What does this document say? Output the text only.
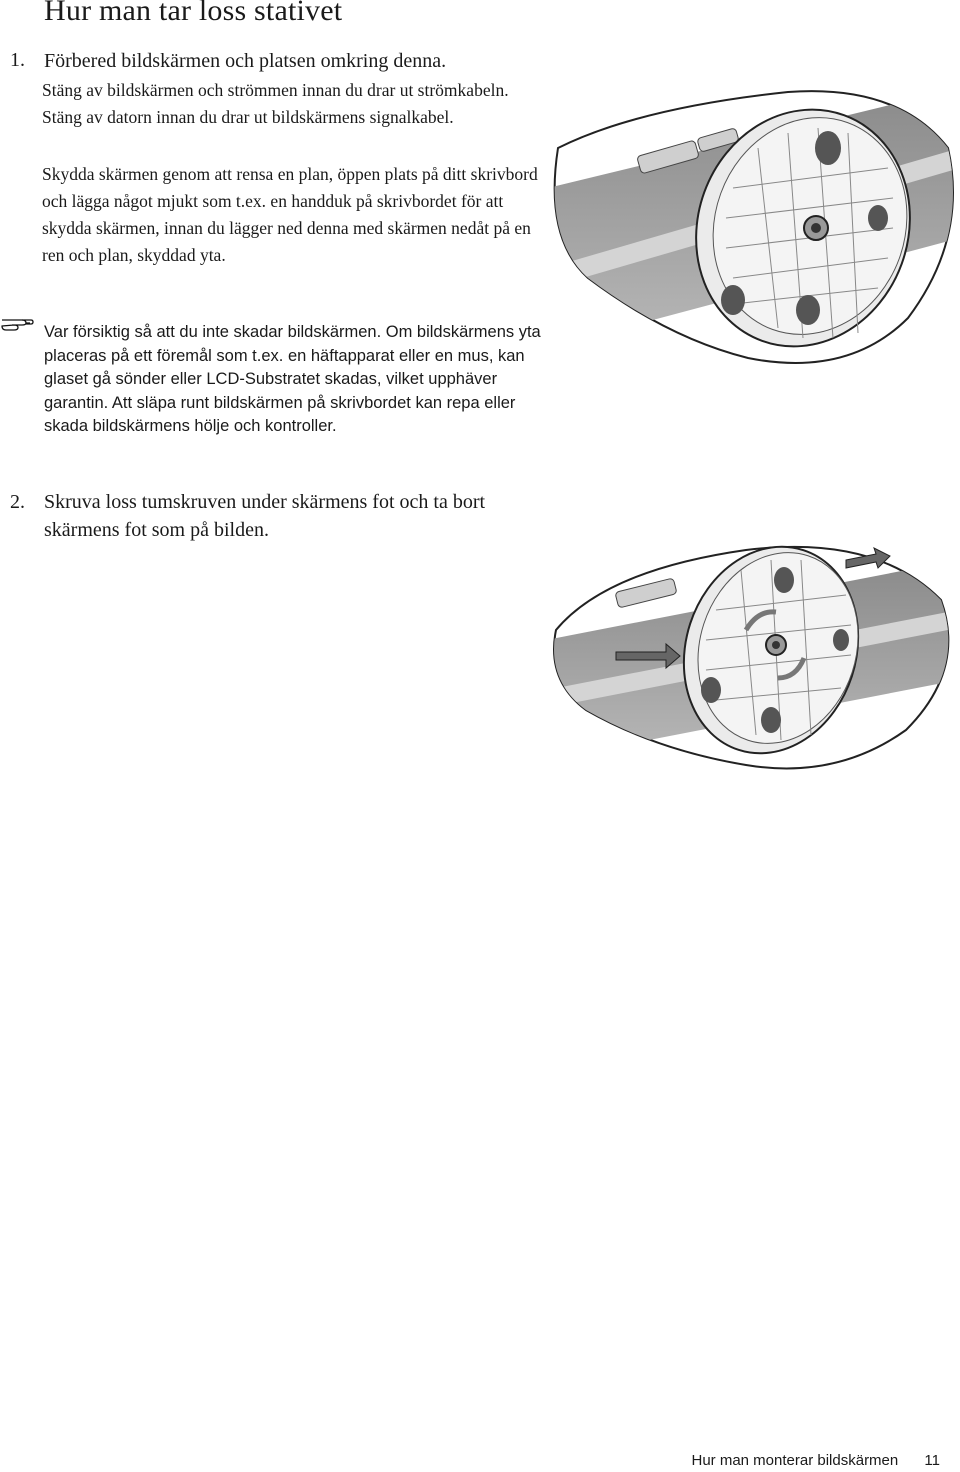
Hur man tar loss stativet
1. Förbered bildskärmen och platsen omkring denna.
Stäng av bildskärmen och strömmen innan du drar ut strömkabeln. Stäng av datorn innan du drar ut bildskärmens signalkabel.
Skydda skärmen genom att rensa en plan, öppen plats på ditt skrivbord och lägga något mjukt som t.ex. en handduk på skrivbordet för att skydda skärmen, innan du lägger ned denna med skärmen nedåt på en ren och plan, skyddad yta.
Var försiktig så att du inte skadar bildskärmen. Om bildskärmens yta placeras på ett föremål som t.ex. en häftapparat eller en mus, kan glaset gå sönder eller LCD-Substratet skadas, vilket upphäver garantin. Att släpa runt bildskärmen på skrivbordet kan repa eller skada bildskärmens hölje och kontroller.
2. Skruva loss tumskruven under skärmens fot och ta bort skärmens fot som på bilden.
Hur man monterar bildskärmen 11
